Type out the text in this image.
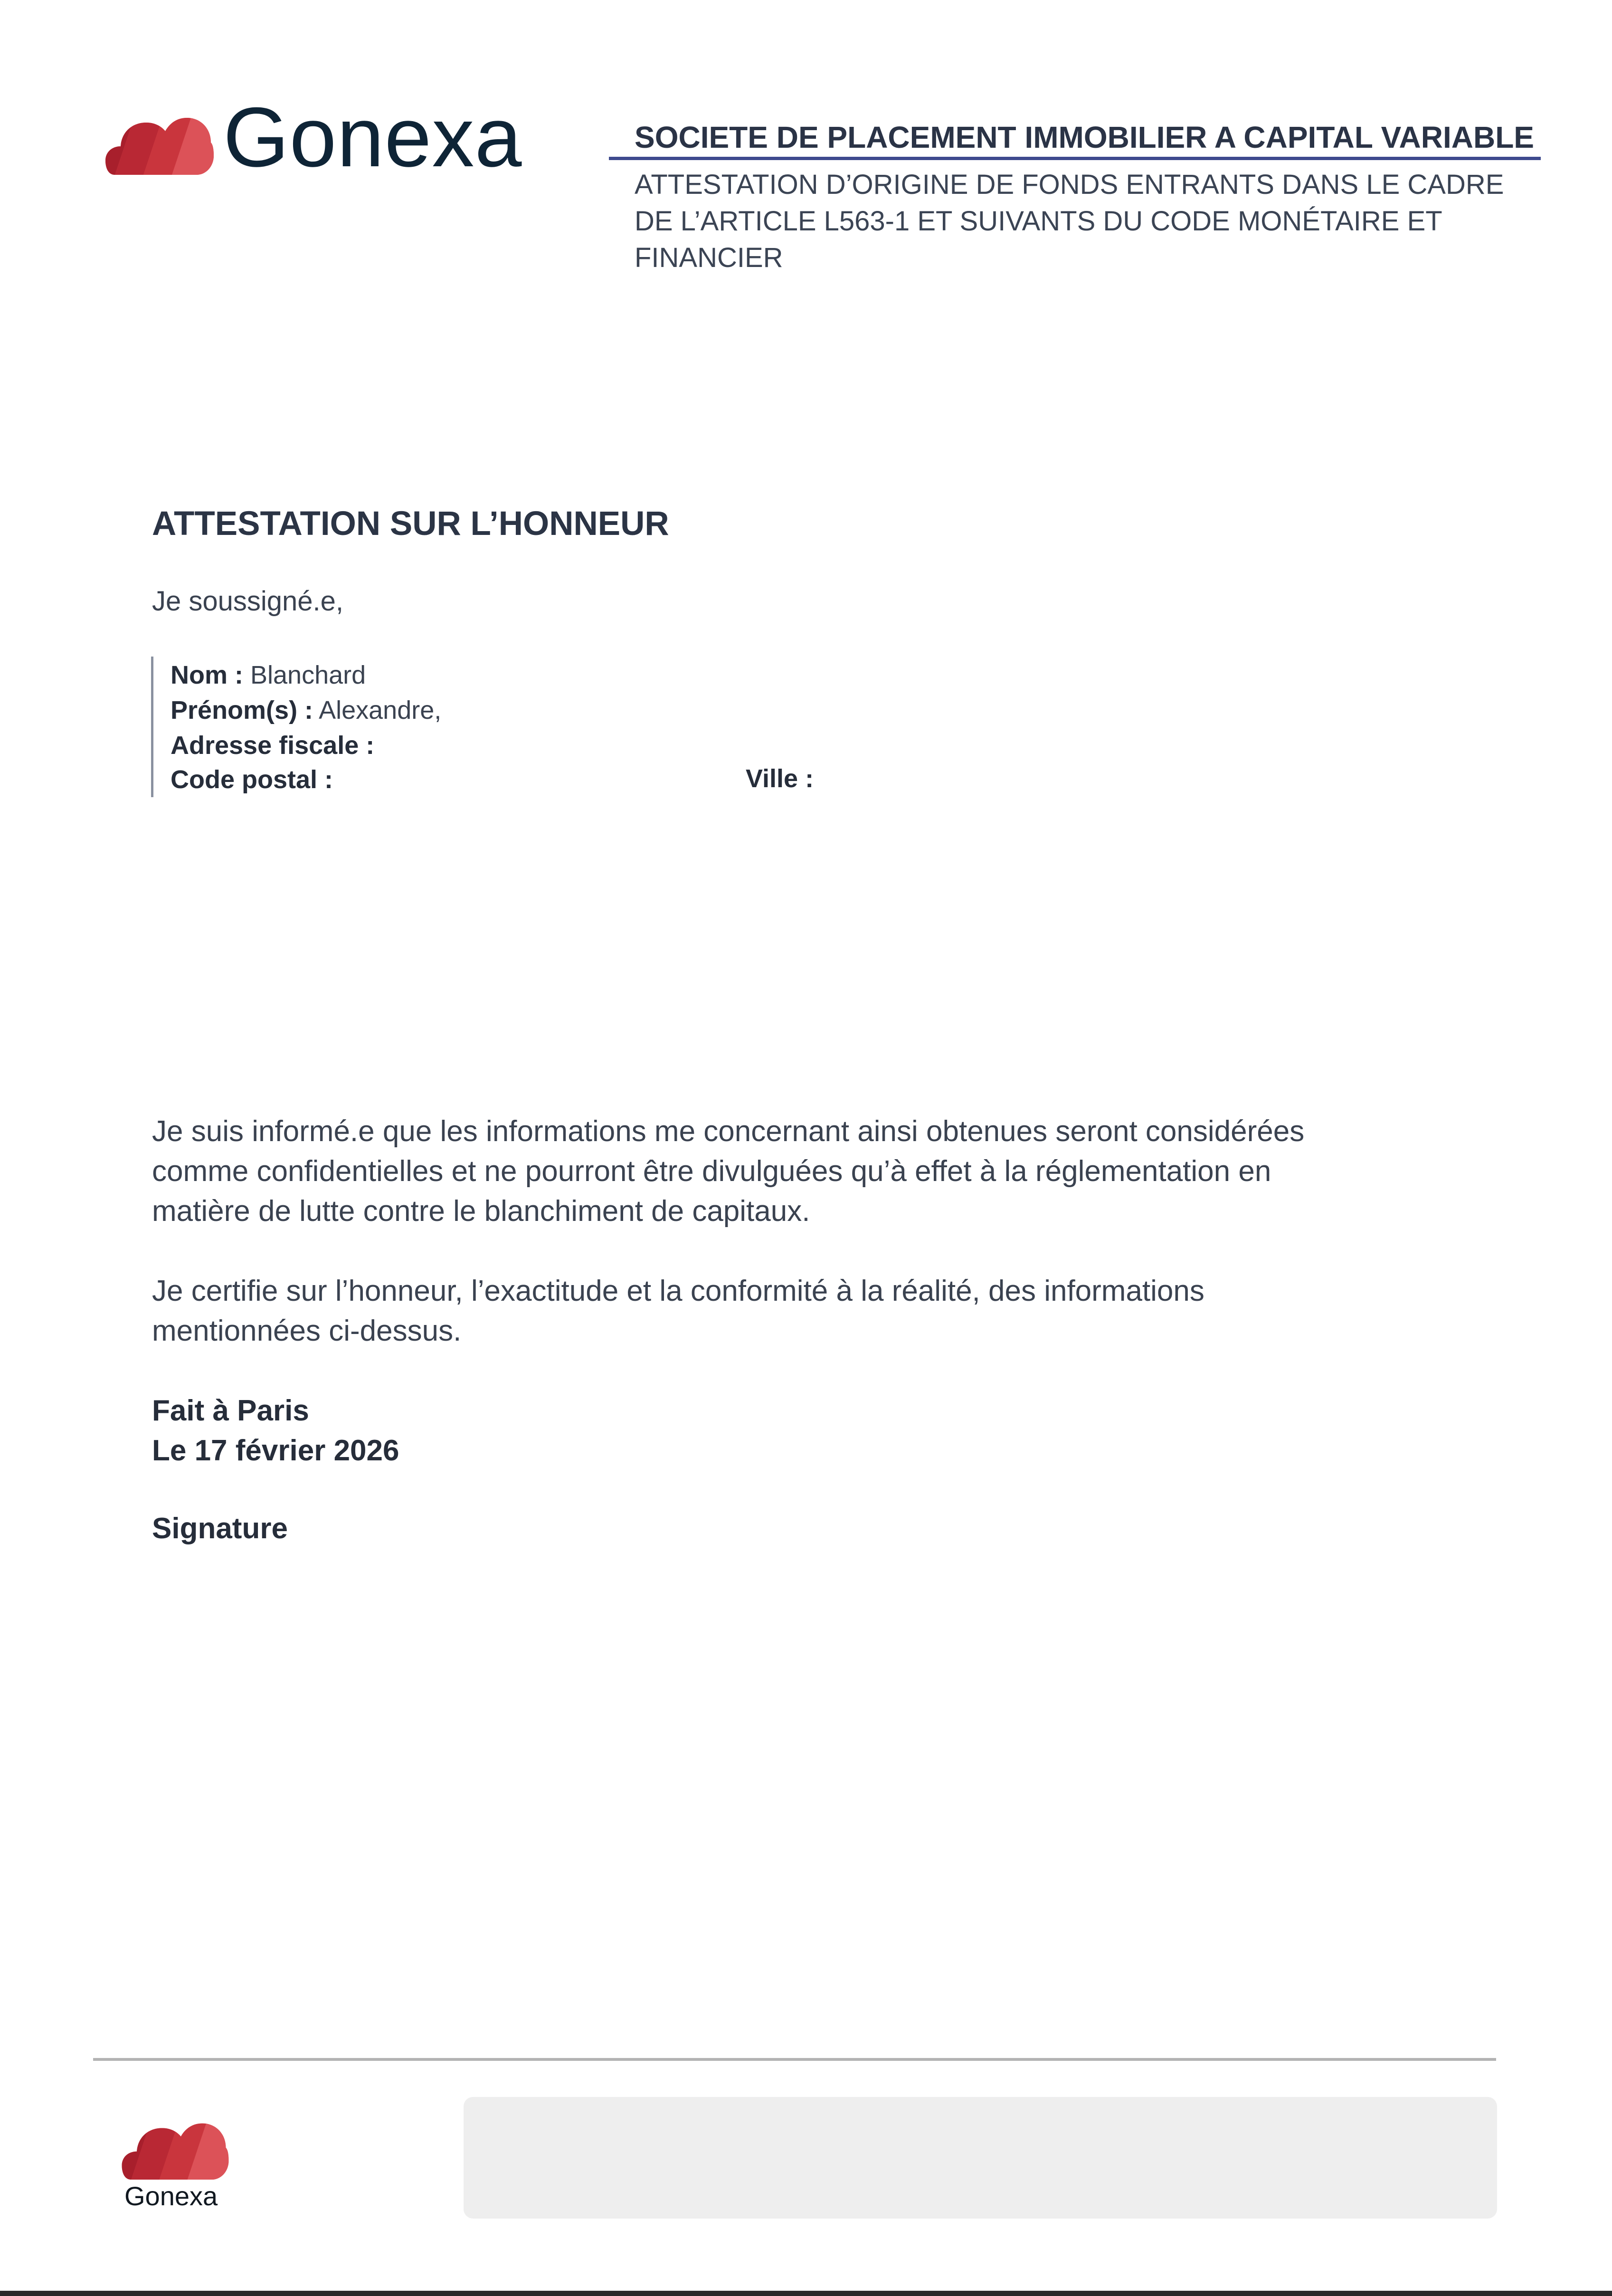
Gonexa	SOCIETE DE PLACEMENT IMMOBILIER A CAPITAL VARIABLE
ATTESTATION D’ORIGINE DE FONDS ENTRANTS DANS LE CADRE
DE L’ARTICLE L563-1 ET SUIVANTS DU CODE MONÉTAIRE ET
FINANCIER
ATTESTATION SUR L’HONNEUR
Je soussigné.e,
Nom : Blanchard
Prénom(s) : Alexandre,
Adresse fiscale :
Code postal :	Ville :
Je suis informé.e que les informations me concernant ainsi obtenues seront considérées
comme confidentielles et ne pourront être divulguées qu’à effet à la réglementation en
matière de lutte contre le blanchiment de capitaux.
Je certifie sur l’honneur, l’exactitude et la conformité à la réalité, des informations
mentionnées ci-dessus.
Fait à Paris
Le 17 février 2026
Signature
Gonexa
